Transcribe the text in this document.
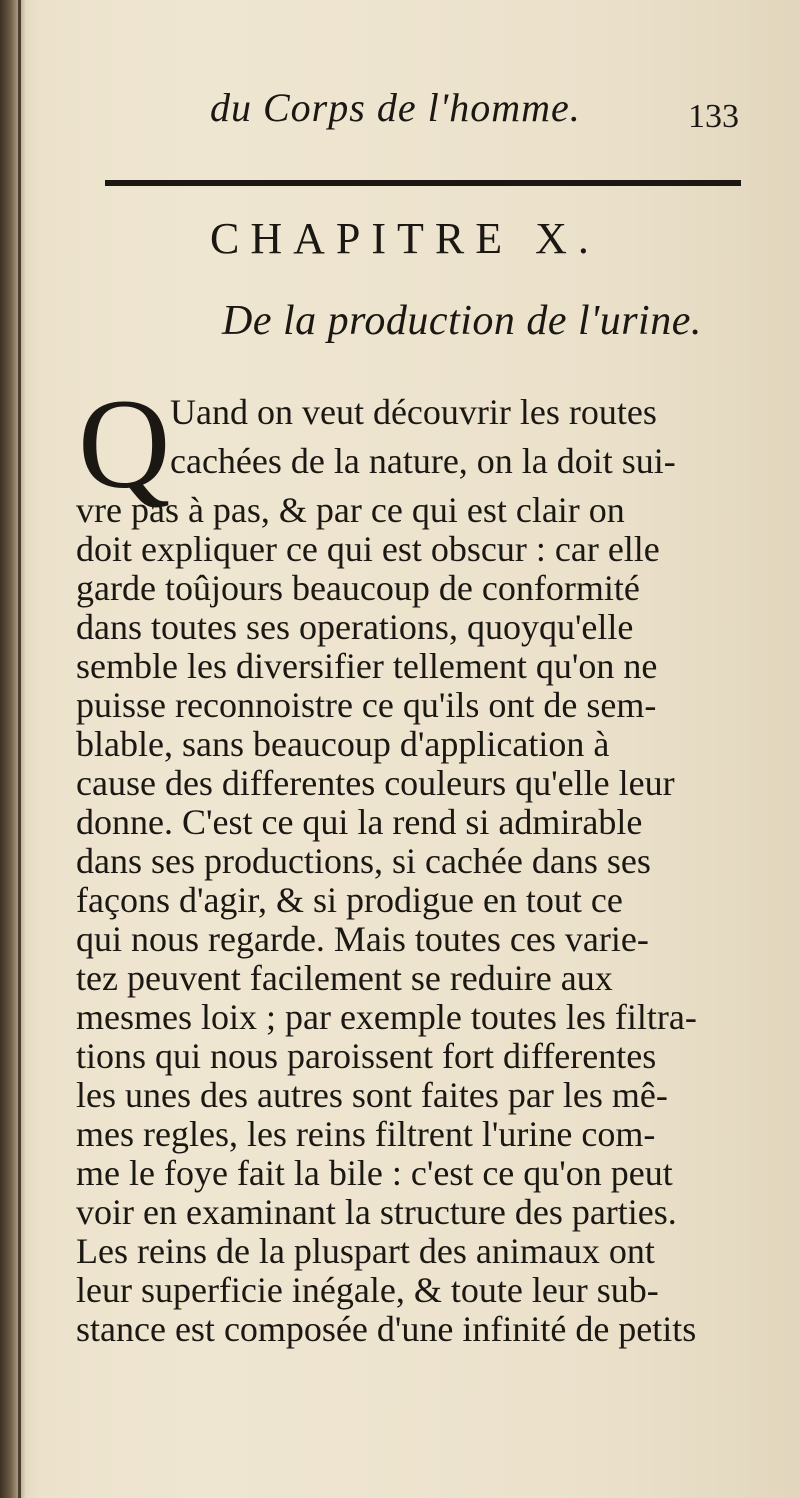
du Corps de l'homme.	133
CHAPITRE X.
De la production de l'urine.
Q Uand on veut découvrir les routes
cachées de la nature, on la doit sui-
vre pas à pas, & par ce qui est clair on
doit expliquer ce qui est obscur : car elle
garde toûjours beaucoup de conformité
dans toutes ses operations, quoyqu'elle
semble les diversifier tellement qu'on ne
puisse reconnoistre ce qu'ils ont de sem-
blable, sans beaucoup d'application à
cause des differentes couleurs qu'elle leur
donne. C'est ce qui la rend si admirable
dans ses productions, si cachée dans ses
façons d'agir, & si prodigue en tout ce
qui nous regarde. Mais toutes ces varie-
tez peuvent facilement se reduire aux
mesmes loix ; par exemple toutes les filtra-
tions qui nous paroissent fort differentes
les unes des autres sont faites par les mê-
mes regles, les reins filtrent l'urine com-
me le foye fait la bile : c'est ce qu'on peut
voir en examinant la structure des parties.
Les reins de la pluspart des animaux ont
leur superficie inégale, & toute leur sub-
stance est composée d'une infinité de petits
